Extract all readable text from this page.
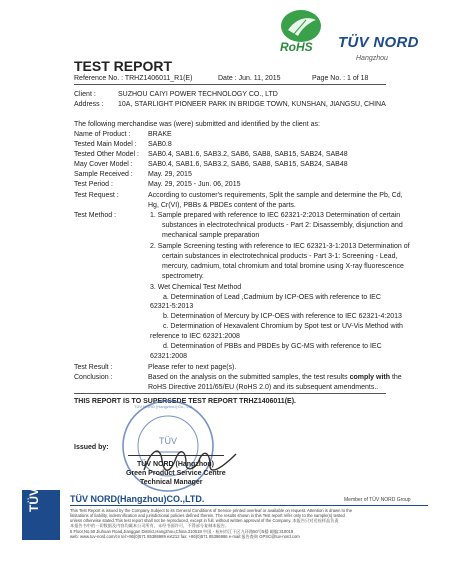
RoHS TÜV NORD
Hangzhou
TEST REPORT
Reference No. : TRHZ1406011_R1(E)	Date : Jun. 11, 2015	Page No. : 1 of 18
Client :	SUZHOU CAIYI POWER TECHNOLOGY CO., LTD
Address : 10A, STARLIGHT PIONEER PARK IN BRIDGE TOWN, KUNSHAN, JIANGSU, CHINA
The following merchandise was (were) submitted and identified by the client as:
Name of Product :	BRAKE
Tested Main Model : SAB0.8
Tested Other Model : SAB0.4, SAB1.6, SAB3.2, SAB6, SAB8, SAB15, SAB24, SAB48
May Cover Model : SAB0.4, SAB1.6, SAB3.2, SAB6, SAB8, SAB15, SAB24, SAB48
Sample Received : May. 29, 2015
Test Period :	May. 29, 2015 - Jun. 06, 2015
Test Request :	According to customer's requirements, Split the sample and determine the Pb, Cd,
Hg, Cr(VI), PBBs & PBDEs content of the parts.
Test Method :	1. Sample prepared with reference to IEC 62321-2:2013 Determination of certain
substances in electrotechnical products - Part 2: Disassembly, disjunction and
mechanical sample preparation
2. Sample Screening testing with reference to IEC 62321-3-1:2013 Determination of
certain substances in electrotechnical products - Part 3-1: Screening - Lead,
mercury, cadmium, total chromium and total bromine using X-ray fluorescence
spectrometry.
3. Wet Chemical Test Method
a. Determination of Lead ,Cadmium by ICP-OES with reference to IEC
62321-5:2013
b. Determination of Mercury by ICP-OES with reference to IEC 62321-4:2013
c. Determination of Hexavalent Chromium by Spot test or UV-Vis Method with
reference to IEC 62321:2008
d. Determination of PBBs and PBDEs by GC-MS with reference to IEC
62321:2008
Test Result :	Please refer to next page(s).
Conclusion :	Based on the analysis on the submitted samples, the test results comply with the
RoHS Directive 2011/65/EU (RoHS 2.0) and its subsequent amendments..
THIS REPORT IS TO SUPERSEDE TEST REPORT TRHZ1406011(E).
TÜV
TÜV NORD (Hangzhou) Co., Ltd.
Issued by:
TÜV NORD (Hangzhou)
Green Product Service Centre
Technical Manager
TÜV	TÜV NORD(Hangzhou)CO.,LTD.	Member of TÜV NORD Group
This Test Report is issued by the Company Subject to its General Conditions of Service printed overleaf or available on request. Attention is drawn to the
limitations of liability, indemnification and jurisdictional policies defined therein. The results shown in this Test report refer only to the sample(s) tested
unless otherwise stated.This test report shall not be reproduced, except in full, without written approval of the Company. 本报告只对送检样品负责
本报告书中的一切数据及内容均属本公司所有，未经书面许可，不得部分复制本报告。
5 Floor,No.50 Jiuhuan Road,Jianggan District,Hangzhou,China.310019 中国・杭州市江干区九环路50号5楼 邮编:310019
web: www.tuv-nord.com/cn tel:+86(0)571 85386989 ext212 fax: +86(0)571 85386986 e-mail:报告查询 GPSC@tuv-nord.com
